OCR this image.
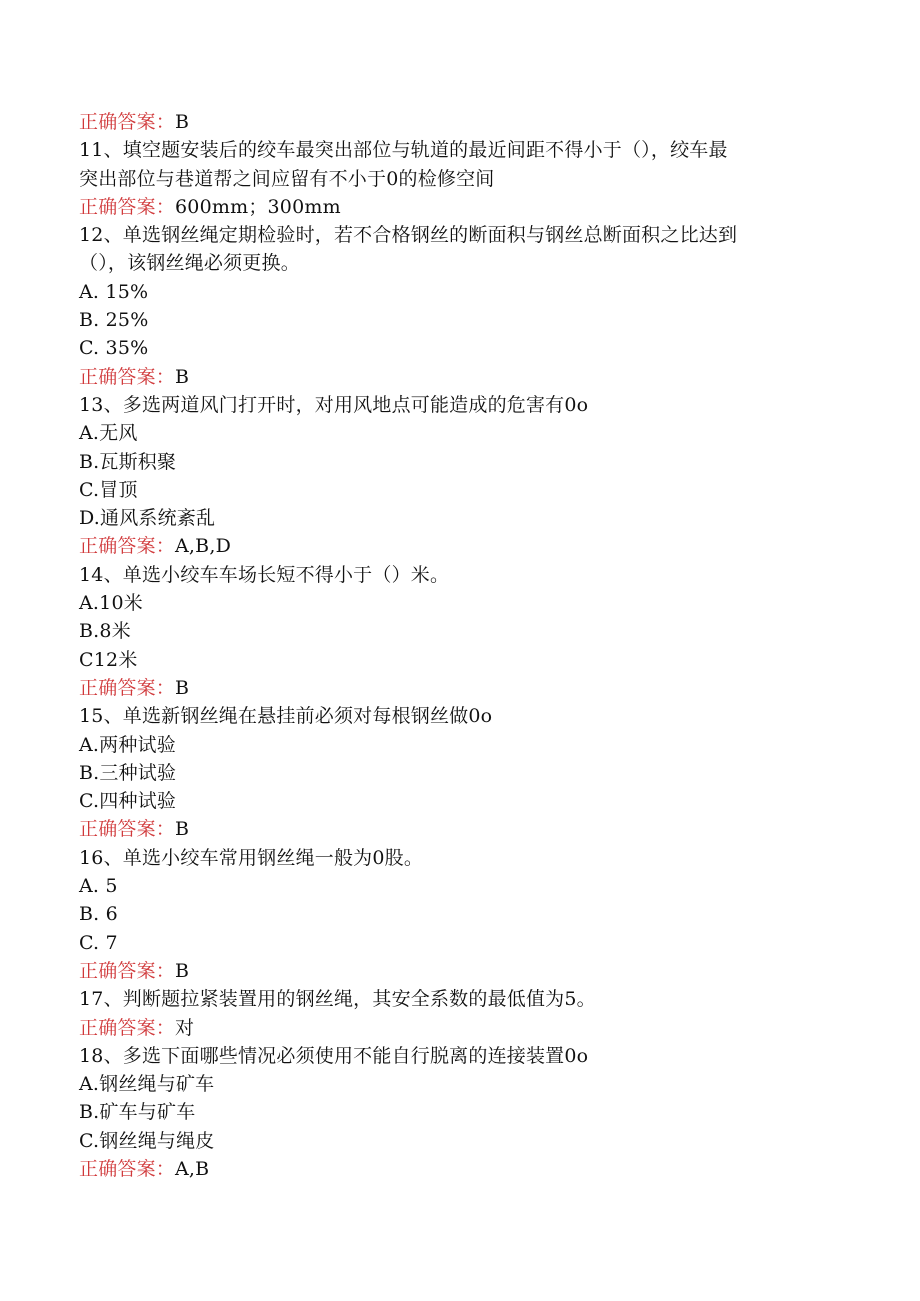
正确答案：B
11、填空题安装后的绞车最突出部位与轨道的最近间距不得小于（），绞车最
突出部位与巷道帮之间应留有不小于0的检修空间
正确答案：600mm；300mm
12、单选钢丝绳定期检验时，若不合格钢丝的断面积与钢丝总断面积之比达到
（），该钢丝绳必须更换。
A. 15%
B. 25%
C. 35%
正确答案：B
13、多选两道风门打开时，对用风地点可能造成的危害有0o
A.无风
B.瓦斯积聚
C.冒顶
D.通风系统紊乱
正确答案：A,B,D
14、单选小绞车车场长短不得小于（）米。
A.10米
B.8米
C12米
正确答案：B
15、单选新钢丝绳在悬挂前必须对每根钢丝做0o
A.两种试验
B.三种试验
C.四种试验
正确答案：B
16、单选小绞车常用钢丝绳一般为0股。
A. 5
B. 6
C. 7
正确答案：B
17、判断题拉紧装置用的钢丝绳，其安全系数的最低值为5。
正确答案：对
18、多选下面哪些情况必须使用不能自行脱离的连接装置0o
A.钢丝绳与矿车
B.矿车与矿车
C.钢丝绳与绳皮
正确答案：A,B
